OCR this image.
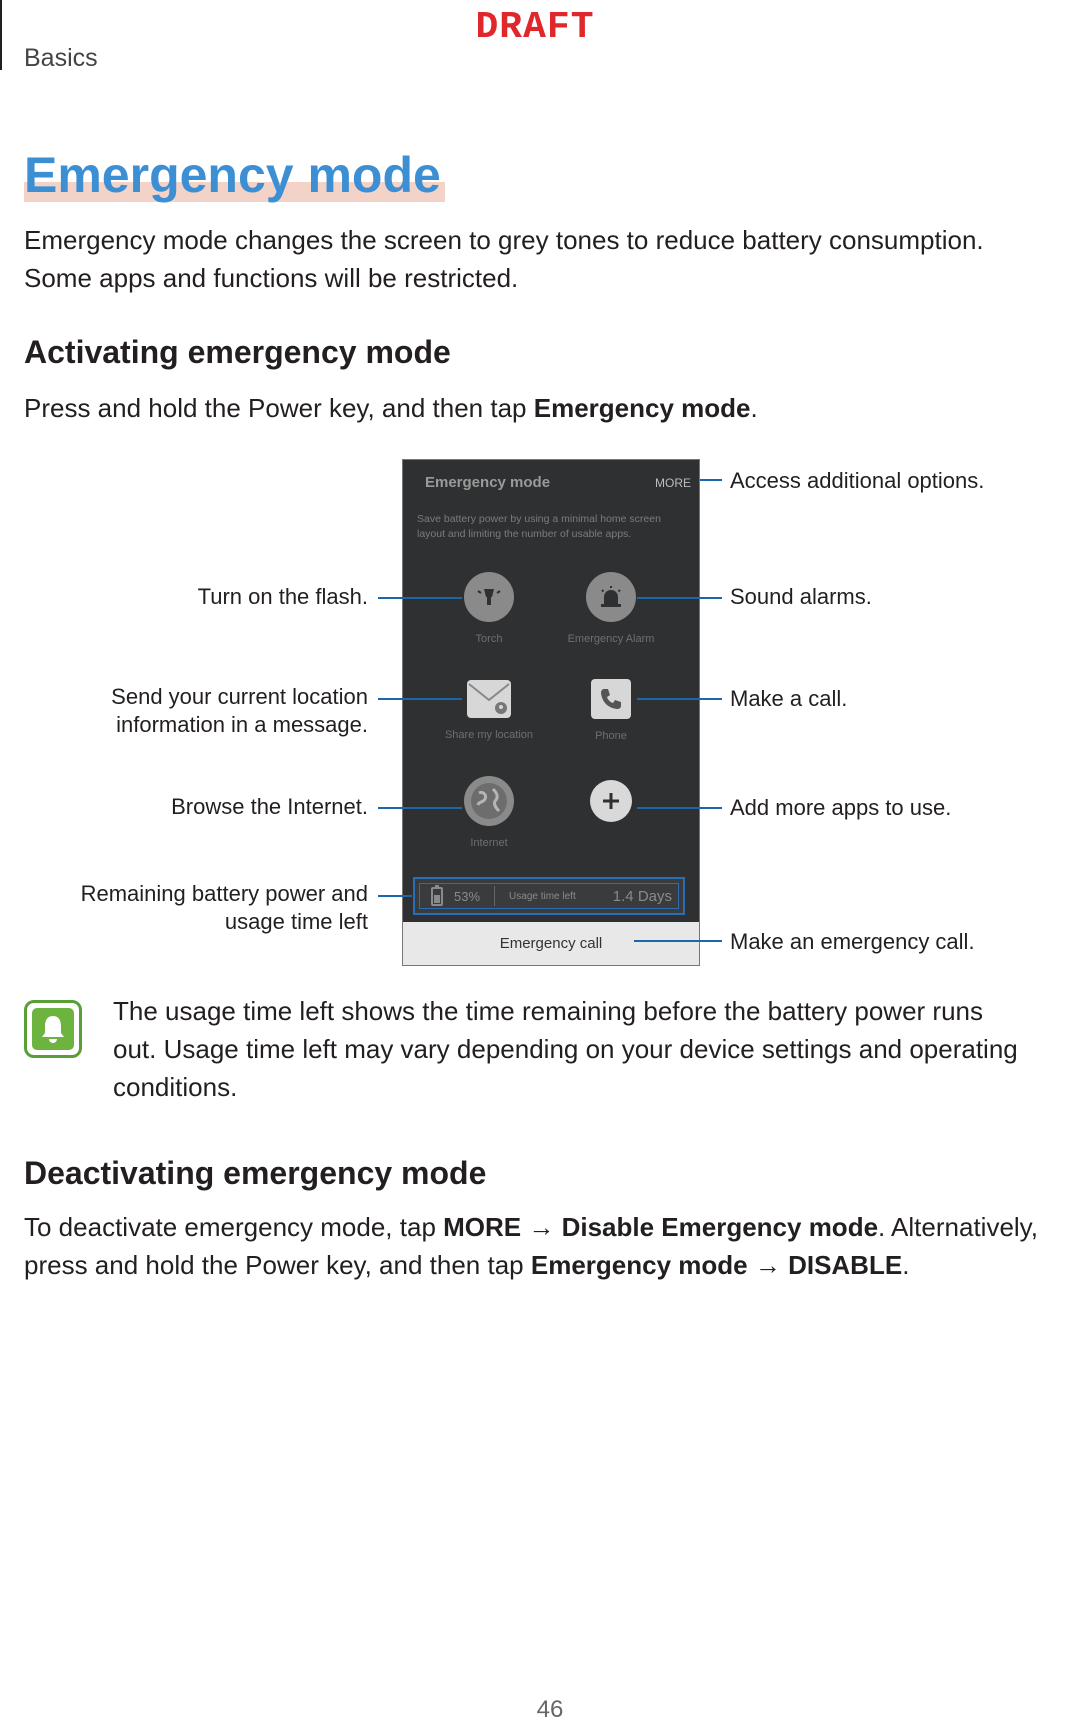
Basics
DRAFT
Emergency mode
Emergency mode changes the screen to grey tones to reduce battery consumption. Some apps and functions will be restricted.
Activating emergency mode
Press and hold the Power key, and then tap Emergency mode.
Emergency mode	MORE
Save battery power by using a minimal home screen layout and limiting the number of usable apps.
Torch	Emergency Alarm
Share my location	Phone
Internet
53%	Usage time left 1.4 Days
Emergency call
Access additional options.
Sound alarms.
Make a call.
Add more apps to use.
Make an emergency call.
Turn on the flash.
Send your current location information in a message.
Browse the Internet.
Remaining battery power and usage time left
The usage time left shows the time remaining before the battery power runs out. Usage time left may vary depending on your device settings and operating conditions.
Deactivating emergency mode
To deactivate emergency mode, tap MORE → Disable Emergency mode. Alternatively, press and hold the Power key, and then tap Emergency mode → DISABLE.
46
